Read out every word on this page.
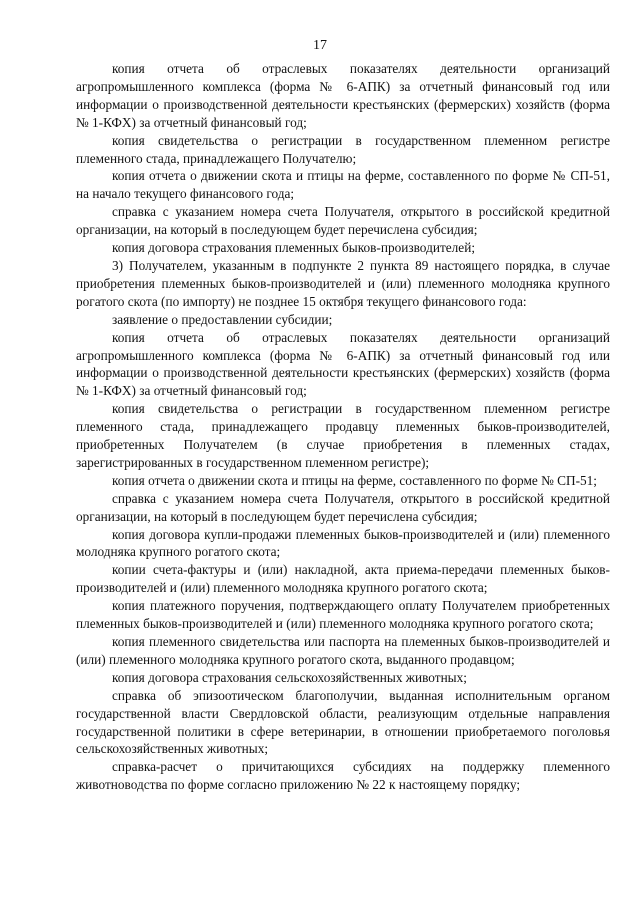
17

копия отчета об отраслевых показателях деятельности организаций агропромышленного комплекса (форма № 6-АПК) за отчетный финансовый год или информации о производственной деятельности крестьянских (фермерских) хозяйств (форма № 1-КФХ) за отчетный финансовый год;

копия свидетельства о регистрации в государственном племенном регистре племенного стада, принадлежащего Получателю;

копия отчета о движении скота и птицы на ферме, составленного по форме № СП-51, на начало текущего финансового года;

справка с указанием номера счета Получателя, открытого в российской кредитной организации, на который в последующем будет перечислена субсидия;

копия договора страхования племенных быков-производителей;

3) Получателем, указанным в подпункте 2 пункта 89 настоящего порядка, в случае приобретения племенных быков-производителей и (или) племенного молодняка крупного рогатого скота (по импорту) не позднее 15 октября текущего финансового года:

заявление о предоставлении субсидии;

копия отчета об отраслевых показателях деятельности организаций агропромышленного комплекса (форма № 6-АПК) за отчетный финансовый год или информации о производственной деятельности крестьянских (фермерских) хозяйств (форма № 1-КФХ) за отчетный финансовый год;

копия свидетельства о регистрации в государственном племенном регистре племенного стада, принадлежащего продавцу племенных быков-производителей, приобретенных Получателем (в случае приобретения в племенных стадах, зарегистрированных в государственном племенном регистре);

копия отчета о движении скота и птицы на ферме, составленного по форме № СП-51;

справка с указанием номера счета Получателя, открытого в российской кредитной организации, на который в последующем будет перечислена субсидия;

копия договора купли-продажи племенных быков-производителей и (или) племенного молодняка крупного рогатого скота;

копии счета-фактуры и (или) накладной, акта приема-передачи племенных быков-производителей и (или) племенного молодняка крупного рогатого скота;

копия платежного поручения, подтверждающего оплату Получателем приобретенных племенных быков-производителей и (или) племенного молодняка крупного рогатого скота;

копия племенного свидетельства или паспорта на племенных быков-производителей и (или) племенного молодняка крупного рогатого скота, выданного продавцом;

копия договора страхования сельскохозяйственных животных;

справка об эпизоотическом благополучии, выданная исполнительным органом государственной власти Свердловской области, реализующим отдельные направления государственной политики в сфере ветеринарии, в отношении приобретаемого поголовья сельскохозяйственных животных;

справка-расчет о причитающихся субсидиях на поддержку племенного животноводства по форме согласно приложению № 22 к настоящему порядку;
